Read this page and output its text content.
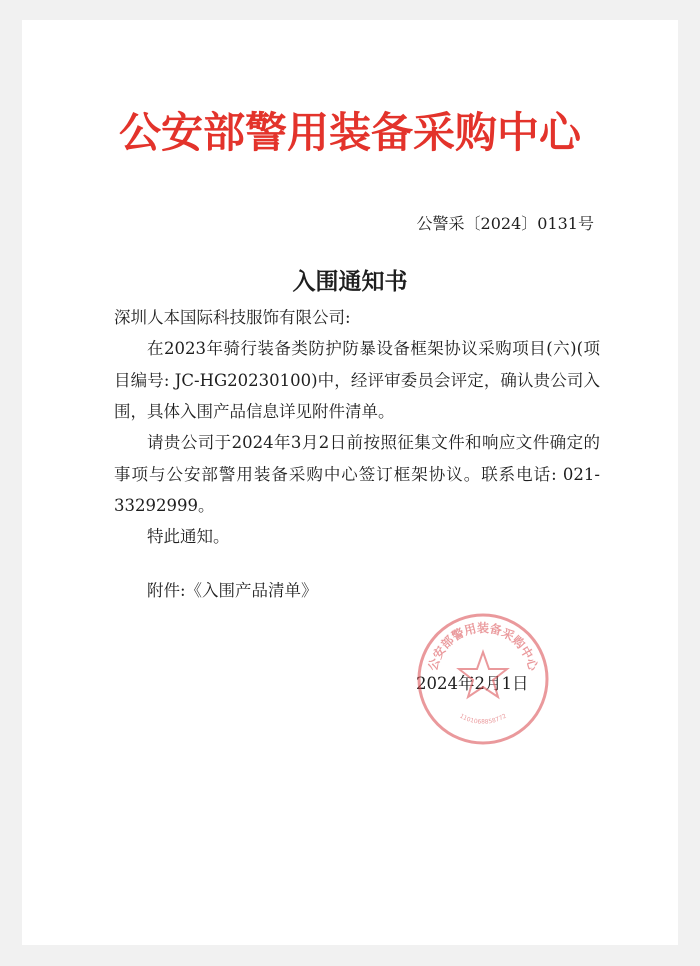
公安部警用装备采购中心
公警采〔2024〕0131号
入围通知书
深圳人本国际科技服饰有限公司:
在2023年骑行装备类防护防暴设备框架协议采购项目(六)(项目编号: JC-HG20230100)中，经评审委员会评定，确认贵公司入围，具体入围产品信息详见附件清单。
请贵公司于2024年3月2日前按照征集文件和响应文件确定的事项与公安部警用装备采购中心签订框架协议。联系电话: 021-33292999。
特此通知。
附件:《入围产品清单》
2024年2月1日
公安部警用装备采购中心
1101068858772
